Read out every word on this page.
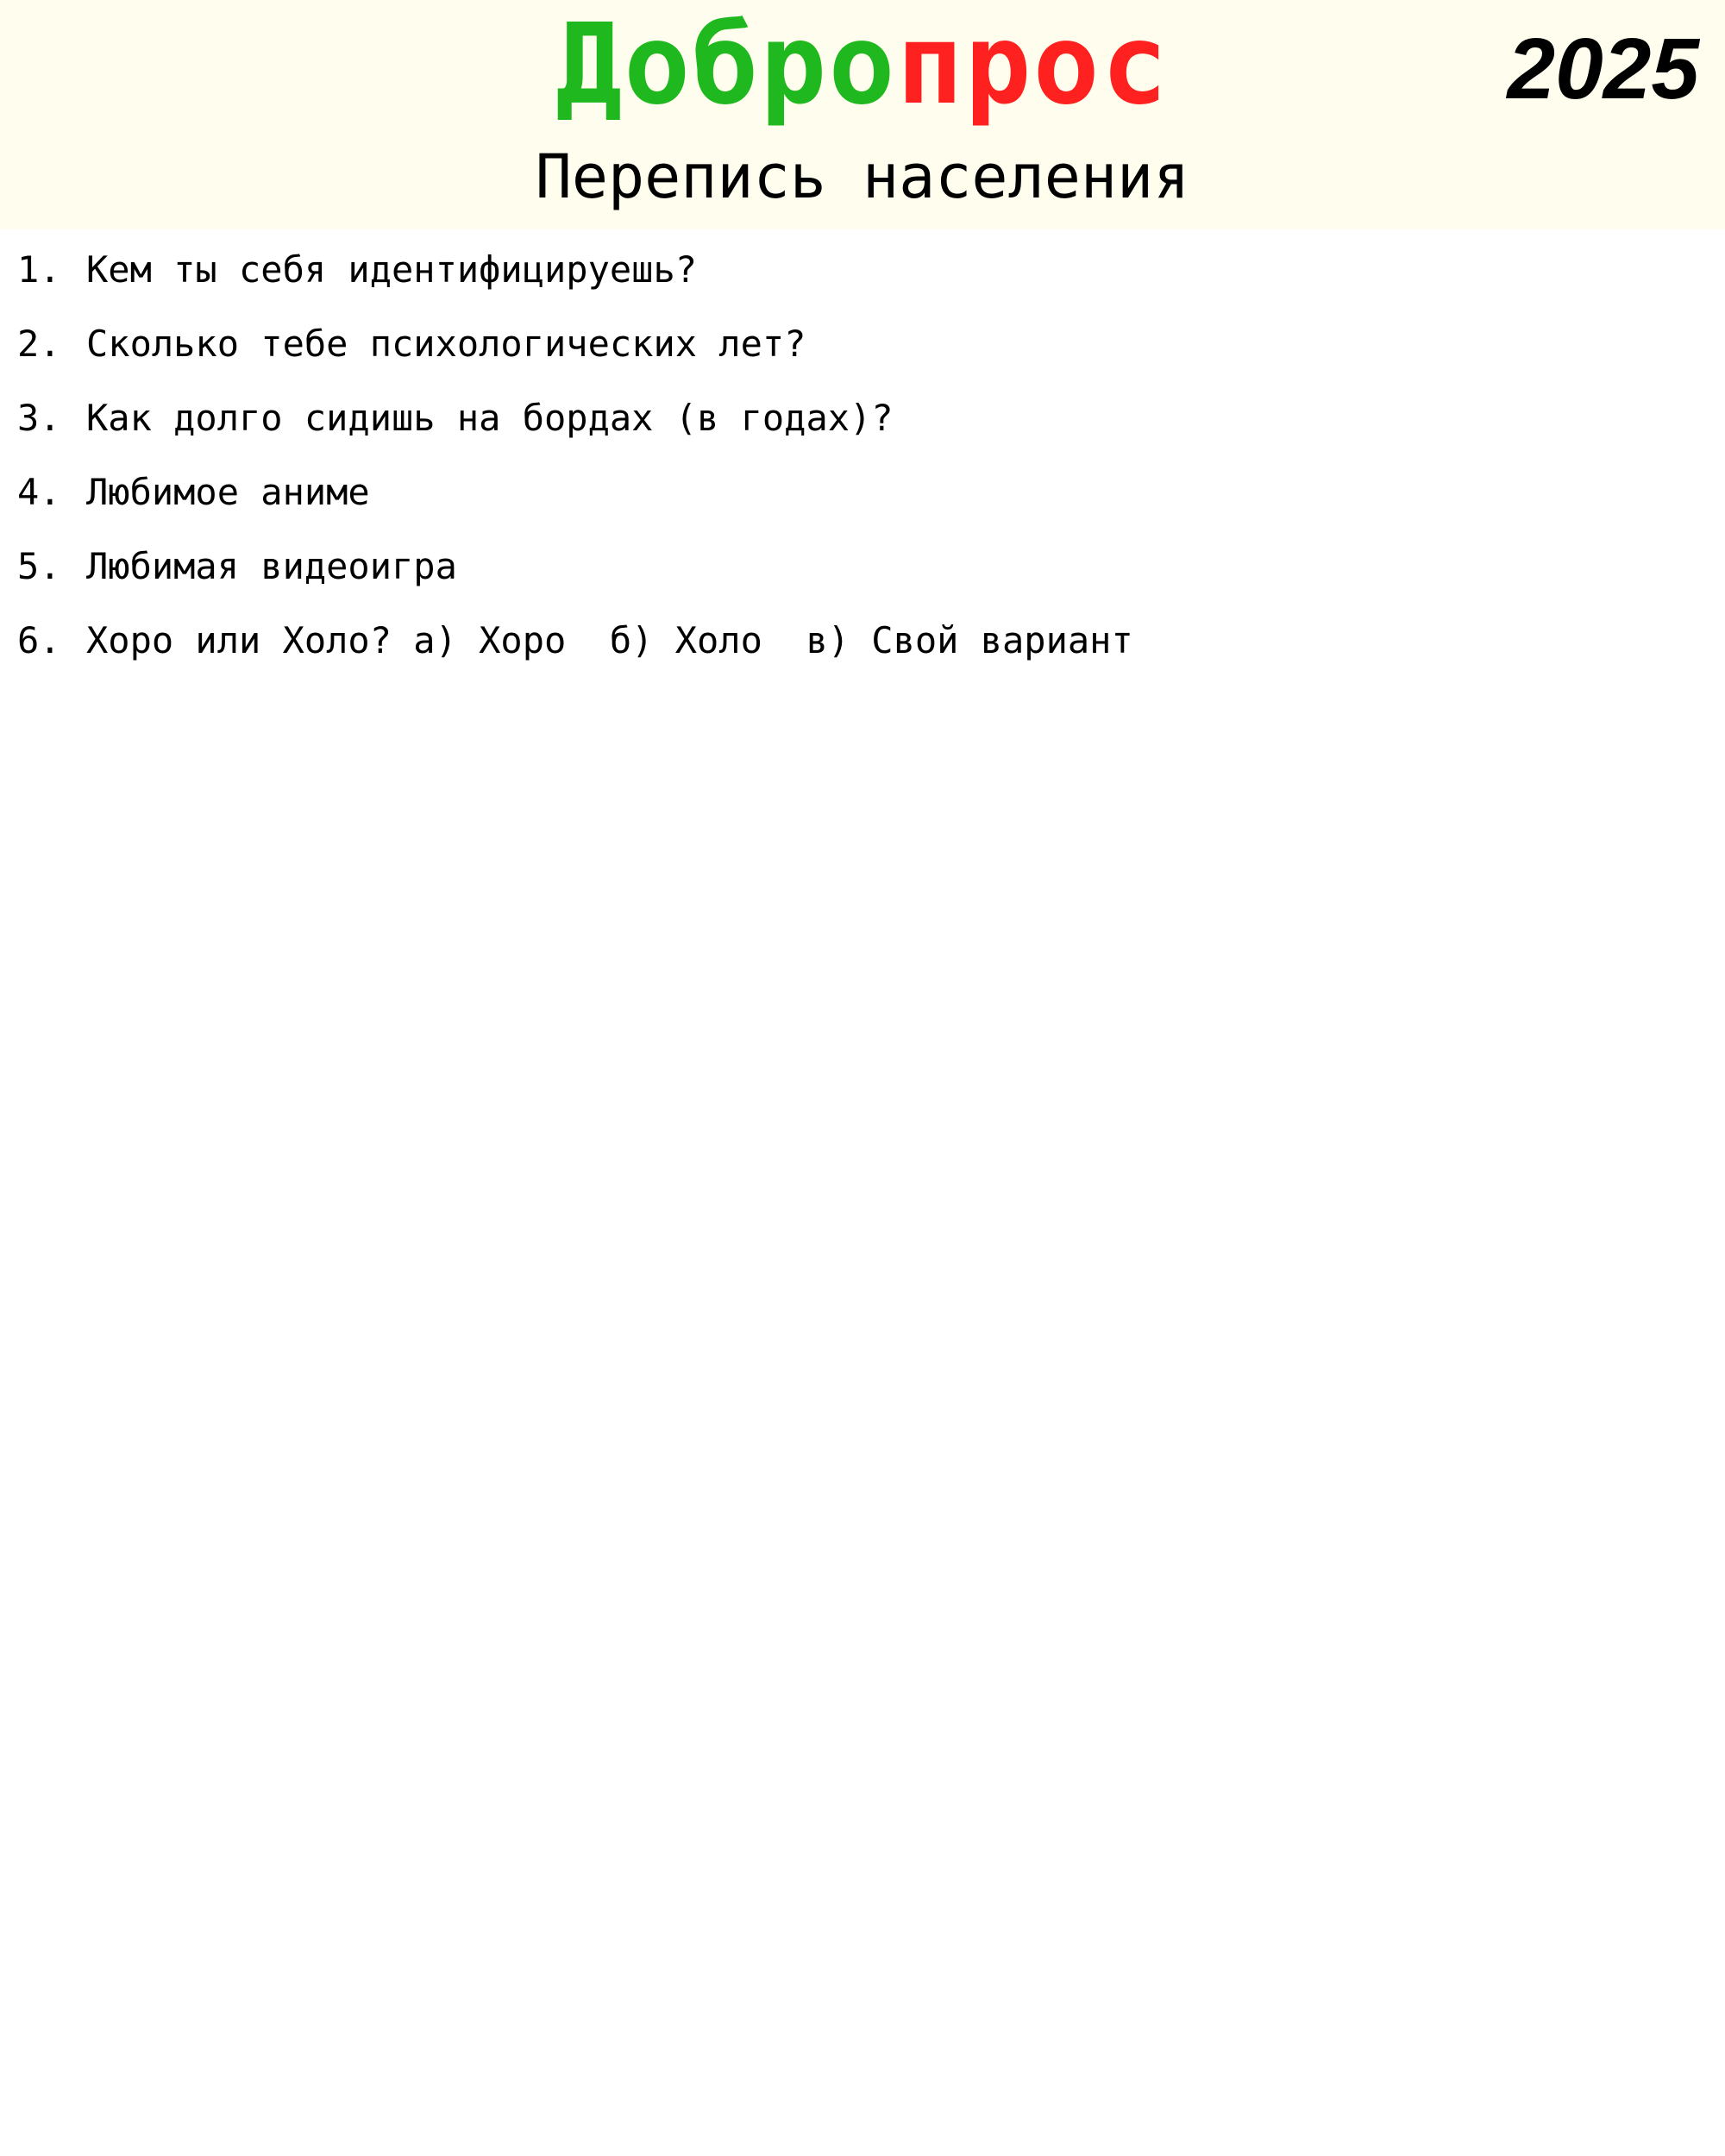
Добропрос	2025
Перепись населения
1. Кем ты себя идентифицируешь?
2. Сколько тебе психологических лет?
3. Как долго сидишь на бордах (в годах)?
4. Любимое аниме
5. Любимая видеоигра
6. Хоро или Холо? а) Хоро  б) Холо  в) Свой вариант
